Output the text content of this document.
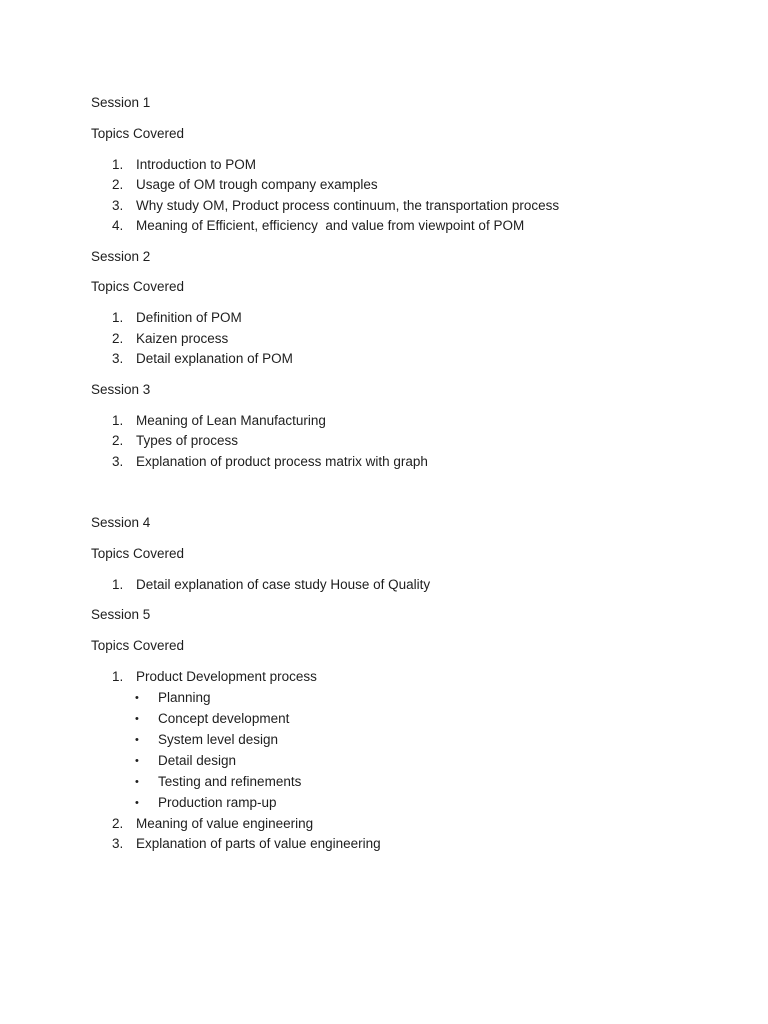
Session 1
Topics Covered
1. Introduction to POM
2. Usage of OM trough company examples
3. Why study OM, Product process continuum, the transportation process
4. Meaning of Efficient, efficiency  and value from viewpoint of POM
Session 2
Topics Covered
1. Definition of POM
2. Kaizen process
3. Detail explanation of POM
Session 3
1. Meaning of Lean Manufacturing
2. Types of process
3. Explanation of product process matrix with graph
Session 4
Topics Covered
1. Detail explanation of case study House of Quality
Session 5
Topics Covered
1. Product Development process
• Planning
• Concept development
• System level design
• Detail design
• Testing and refinements
• Production ramp-up
2. Meaning of value engineering
3. Explanation of parts of value engineering
